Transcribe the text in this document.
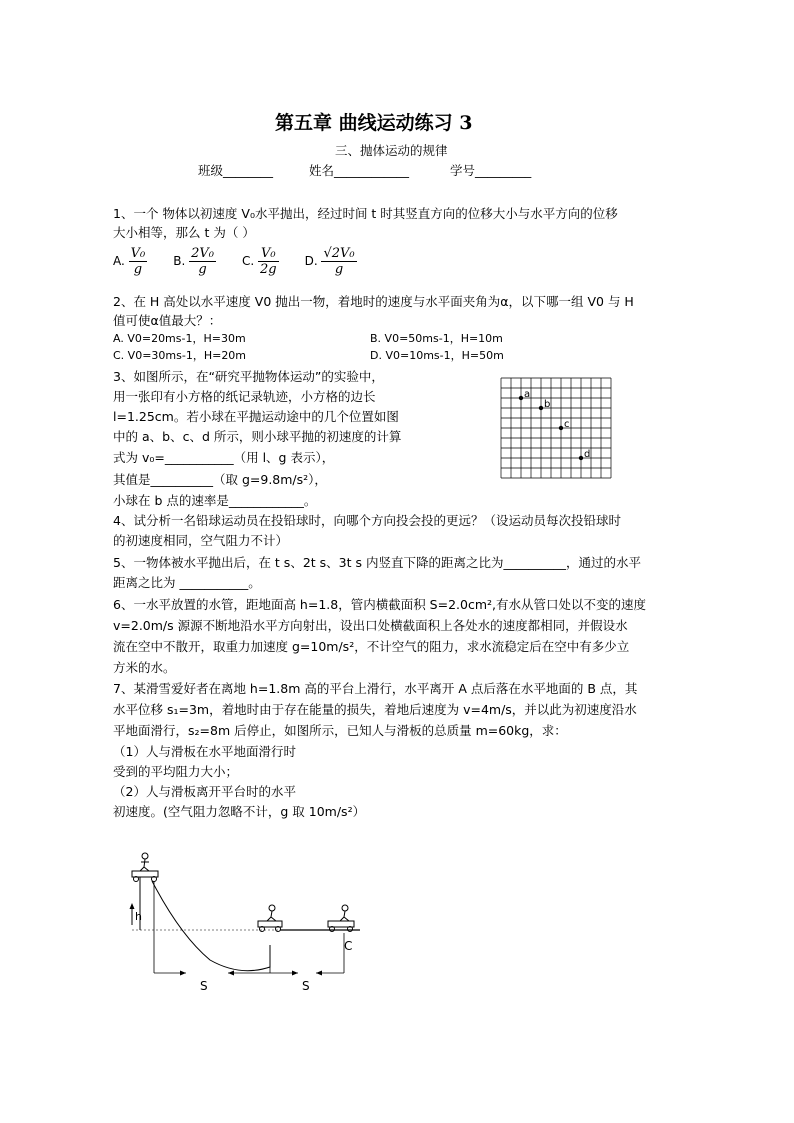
第五章 曲线运动练习 3
三、抛体运动的规律
班级________	姓名____________	学号_________
1、一个 物体以初速度 V₀水平抛出，经过时间 t 时其竖直方向的位移大小与水平方向的位移
大小相等，那么 t 为（ ）
A. $\frac{\text{V₀}}{g} B$. $\frac{\text{2V₀}}{g} C$. $\frac{\text{V₀}}{2g} D$. $\frac{\text{√2V₀}}{g}$
2、在 H 高处以水平速度 V0 抛出一物，着地时的速度与水平面夹角为α，以下哪一组 V0 与 H
值可使α值最大？：
A. V0=20ms-1，H=30m	B. V0=50ms-1，H=10m
C. V0=30ms-1，H=20m	D. V0=10ms-1，H=50m
3、如图所示，在“研究平抛物体运动”的实验中，
用一张印有小方格的纸记录轨迹，小方格的边长
l=1.25cm。若小球在平抛运动途中的几个位置如图
中的 a、b、c、d 所示，则小球平抛的初速度的计算
式为 v₀=___________（用 l、g 表示），
其值是__________（取 g=9.8m/s²），
小球在 b 点的速率是____________。
a
b
c
d
4、试分析一名铅球运动员在投铅球时，向哪个方向投会投的更远？（设运动员每次投铅球时
的初速度相同，空气阻力不计）
5、一物体被水平抛出后，在 t s、2t s、3t s 内竖直下降的距离之比为__________，通过的水平
距离之比为 ___________。
6、一水平放置的水管，距地面高 h=1.8，管内横截面积 S=2.0cm²,有水从管口处以不变的速度
v=2.0m/s 源源不断地沿水平方向射出，设出口处横截面积上各处水的速度都相同，并假设水
流在空中不散开，取重力加速度 g=10m/s²，不计空气的阻力，求水流稳定后在空中有多少立
方米的水。
7、某滑雪爱好者在离地 h=1.8m 高的平台上滑行，水平离开 A 点后落在水平地面的 B 点，其
水平位移 s₁=3m，着地时由于存在能量的损失，着地后速度为 v=4m/s，并以此为初速度沿水
平地面滑行，s₂=8m 后停止，如图所示，已知人与滑板的总质量 m=60kg，求：
（1）人与滑板在水平地面滑行时
受到的平均阻力大小；
（2）人与滑板离开平台时的水平
初速度。(空气阻力忽略不计，g 取 10m/s²）
h
C
S	S
